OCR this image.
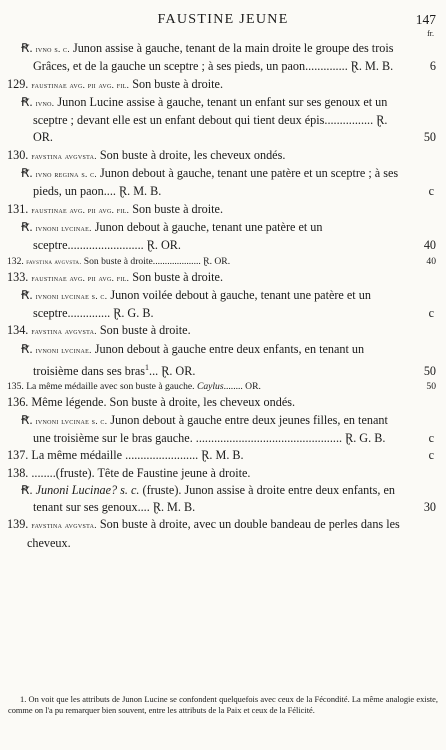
FAUSTINE JEUNE	147
fr.
Ꞧ. ivno s. c. Junon assise à gauche, tenant de la main droite le groupe des trois Grâces, et de la gauche un sceptre ; à ses pieds, un paon.............. Ɽ. M. B.	6
129. faustinae avg. pii avg. fil. Son buste à droite.
Ꞧ. ivno. Junon Lucine assise à gauche, tenant un enfant sur ses genoux et un sceptre ; devant elle est un enfant debout qui tient deux épis................ Ɽ. OR.	50
130. favstina avgvsta. Son buste à droite, les cheveux ondés.
Ꞧ. ivno regina s. c. Junon debout à gauche, tenant une patère et un sceptre ; à ses pieds, un paon.... Ɽ. M. B.	c
131. faustinae avg. pii avg. fil. Son buste à droite.
Ꞧ. ivnoni lvcinae. Junon debout à gauche, tenant une patère et un sceptre......................... Ɽ. OR.	40
132. favstina avgvsta. Son buste à droite.................... Ɽ. OR.	40
133. faustinae avg. pii avg. fil. Son buste à droite.
Ꞧ. ivnoni lvcinae s. c. Junon voilée debout à gauche, tenant une patère et un sceptre.............. Ɽ. G. B.	c
134. favstina avgvsta. Son buste à droite.
Ꞧ. ivnoni lvcinae. Junon debout à gauche entre deux enfants, en tenant un troisième dans ses bras$^1$... Ɽ. OR.	50
135. La même médaille avec son buste à gauche. Caylus........ OR.	50
136. Même légende. Son buste à droite, les cheveux ondés.
Ꞧ. ivnoni lvcinae s. c. Junon debout à gauche entre deux jeunes filles, en tenant une troisième sur le bras gauche. ................................................ Ɽ. G. B.	c
137. La même médaille ........................ Ɽ. M. B.	c
138. ........(fruste). Tête de Faustine jeune à droite.
Ꞧ. Junoni Lucinae? s. c. (fruste). Junon assise à droite entre deux enfants, en tenant sur ses genoux.... Ɽ. M. B.	30
139. favstina avgvsta. Son buste à droite, avec un double bandeau de perles dans les cheveux.
1. On voit que les attributs de Junon Lucine se confondent quelquefois avec ceux de la Fécondité. La même analogie existe, comme on l'a pu remarquer bien souvent, entre les attributs de la Paix et ceux de la Félicité.
